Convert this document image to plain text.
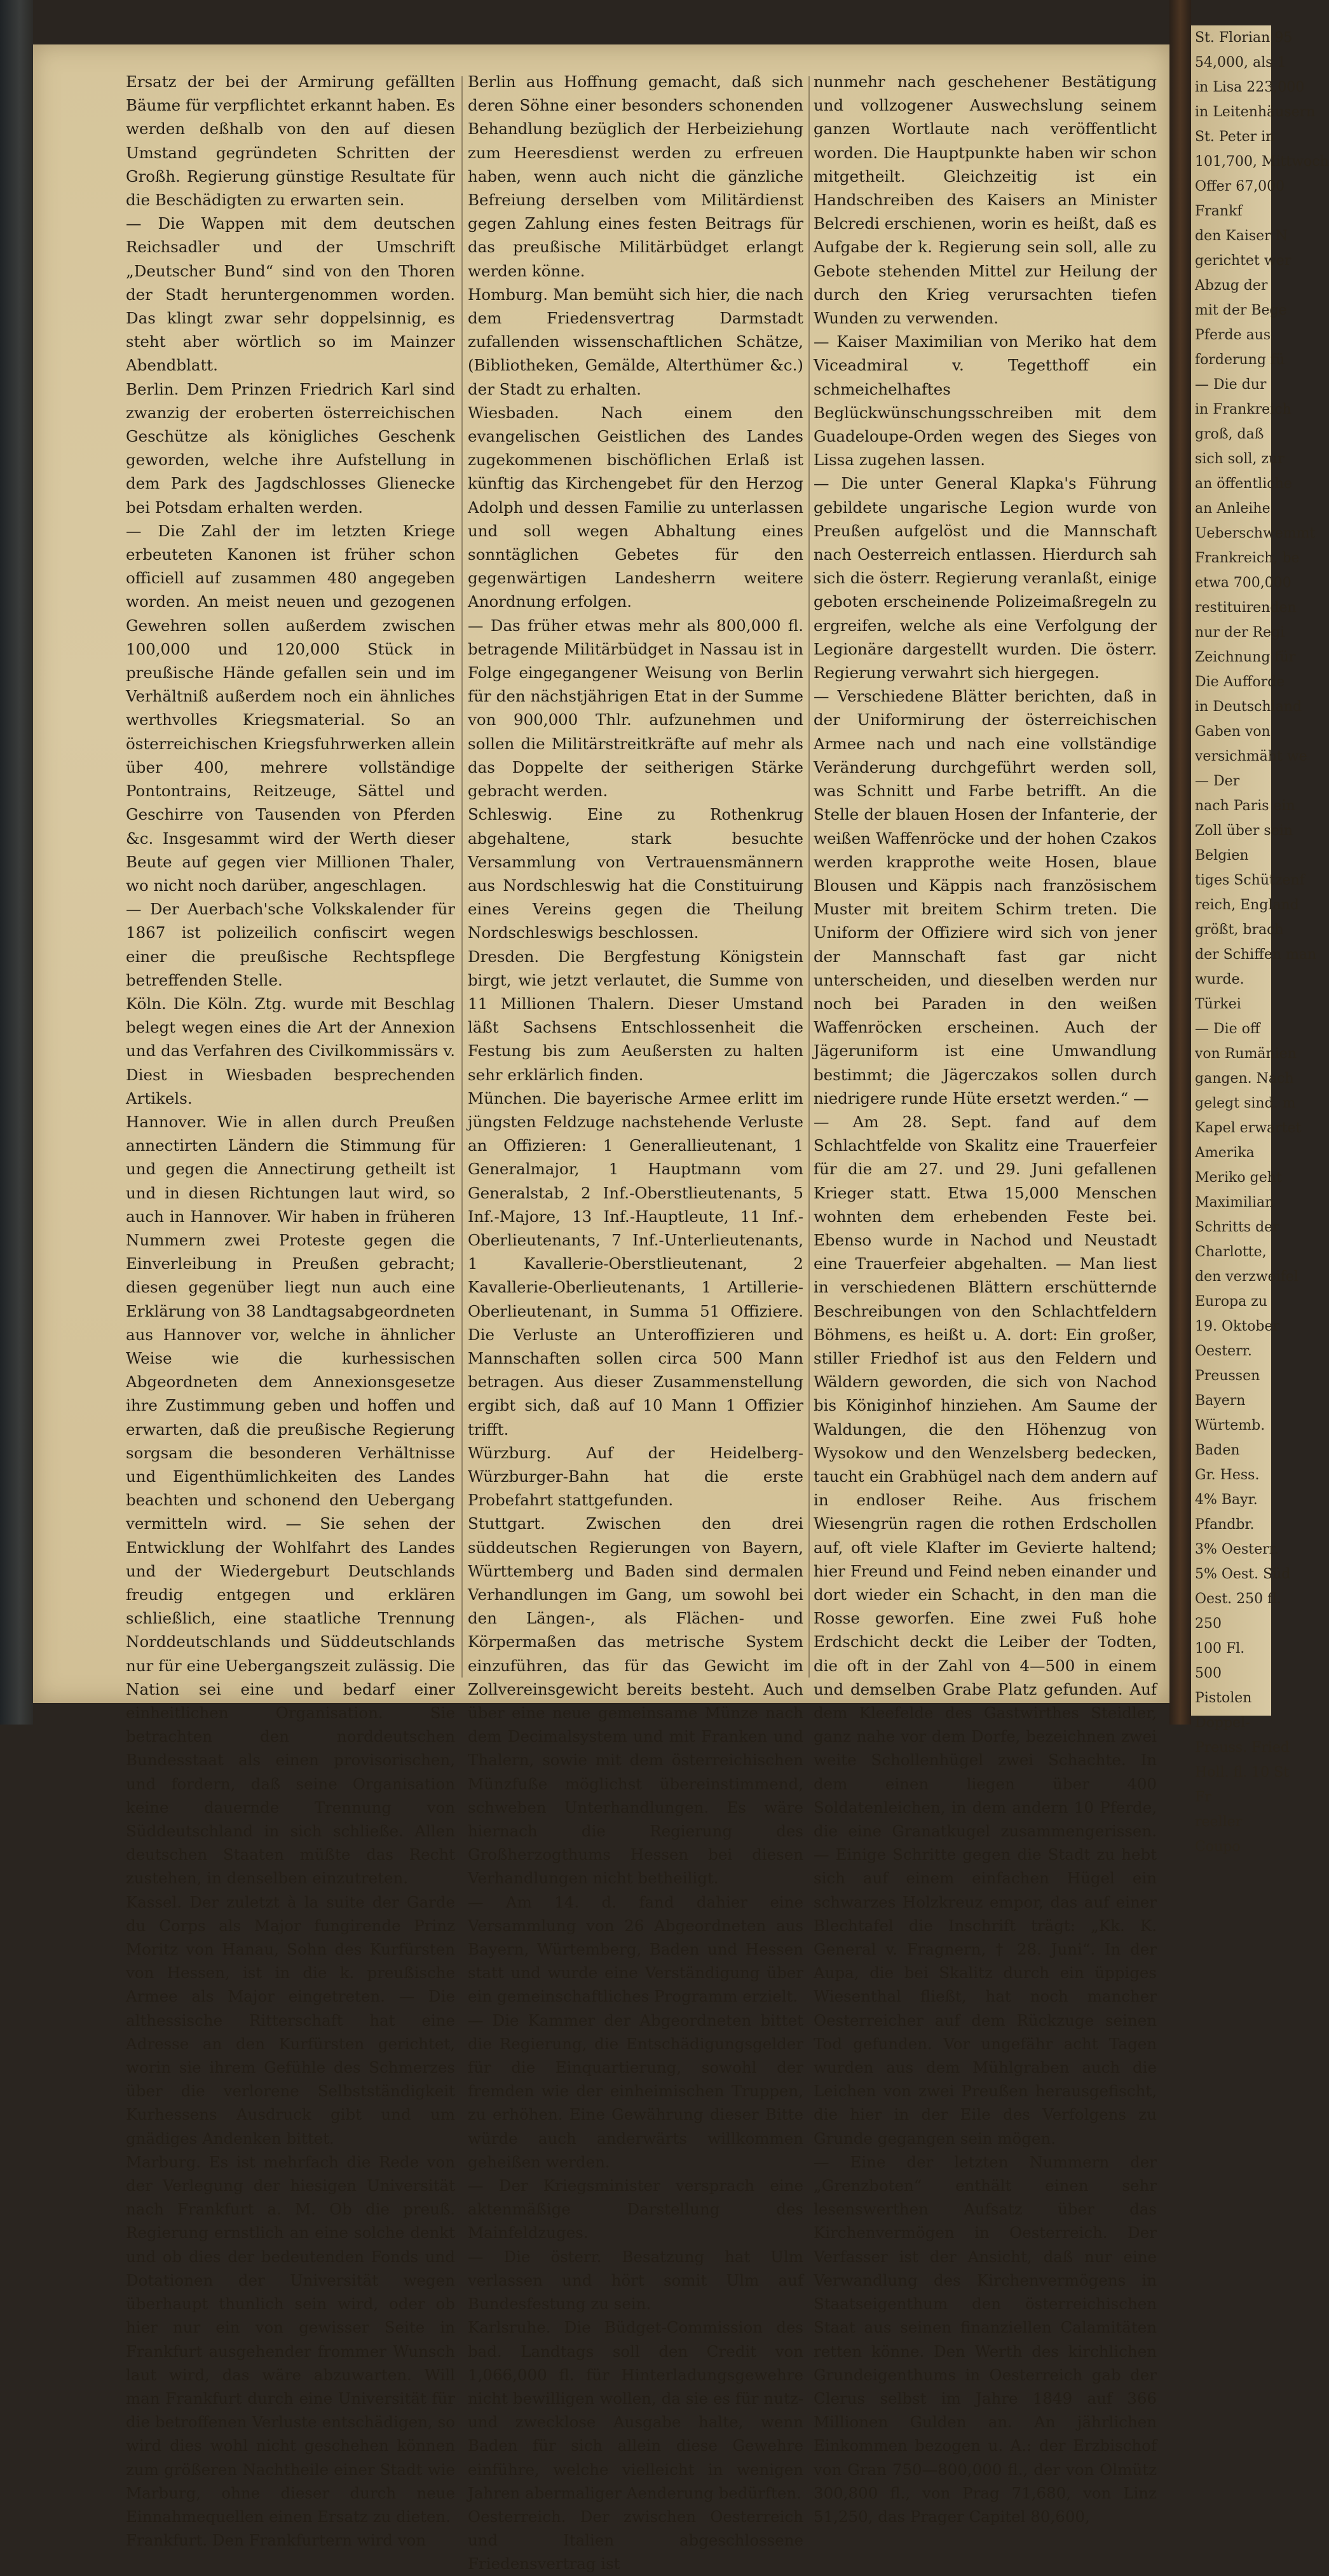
Ersatz der bei der Armirung gefällten Bäume für verpflichtet erkannt haben. Es werden deßhalb von den auf diesen Umstand gegründeten Schritten der Großh. Regierung günstige Resultate für die Beschädigten zu erwarten sein.

— Die Wappen mit dem deutschen Reichsadler und der Umschrift „Deutscher Bund“ sind von den Thoren der Stadt heruntergenommen worden. Das klingt zwar sehr doppelsinnig, es steht aber wörtlich so im Mainzer Abendblatt.

Berlin. Dem Prinzen Friedrich Karl sind zwanzig der eroberten österreichischen Geschütze als königliches Geschenk geworden, welche ihre Aufstellung in dem Park des Jagdschlosses Glienecke bei Potsdam erhalten werden.

— Die Zahl der im letzten Kriege erbeuteten Kanonen ist früher schon officiell auf zusammen 480 angegeben worden. An meist neuen und gezogenen Gewehren sollen außerdem zwischen 100,000 und 120,000 Stück in preußische Hände gefallen sein und im Verhältniß außerdem noch ein ähnliches werthvolles Kriegsmaterial. So an österreichischen Kriegsfuhrwerken allein über 400, mehrere vollständige Pontontrains, Reitzeuge, Sättel und Geschirre von Tausenden von Pferden &c. Insgesammt wird der Werth dieser Beute auf gegen vier Millionen Thaler, wo nicht noch darüber, angeschlagen.

— Der Auerbach'sche Volkskalender für 1867 ist polizeilich confiscirt wegen einer die preußische Rechtspflege betreffenden Stelle.

Köln. Die Köln. Ztg. wurde mit Beschlag belegt wegen eines die Art der Annexion und das Verfahren des Civilkommissärs v. Diest in Wiesbaden besprechenden Artikels.

Hannover. Wie in allen durch Preußen annectirten Ländern die Stimmung für und gegen die Annectirung getheilt ist und in diesen Richtungen laut wird, so auch in Hannover. Wir haben in früheren Nummern zwei Proteste gegen die Einverleibung in Preußen gebracht; diesen gegenüber liegt nun auch eine Erklärung von 38 Landtagsabgeordneten aus Hannover vor, welche in ähnlicher Weise wie die kurhessischen Abgeordneten dem Annexionsgesetze ihre Zustimmung geben und hoffen und erwarten, daß die preußische Regierung sorgsam die besonderen Verhältnisse und Eigenthümlichkeiten des Landes beachten und schonend den Uebergang vermitteln wird. — Sie sehen der Entwicklung der Wohlfahrt des Landes und der Wiedergeburt Deutschlands freudig entgegen und erklären schließlich, eine staatliche Trennung Norddeutschlands und Süddeutschlands nur für eine Uebergangszeit zulässig. Die Nation sei eine und bedarf einer einheitlichen Organisation. Sie betrachten den norddeutschen Bundesstaat als einen provisorischen, und fordern, daß seine Organisation keine dauernde Trennung von Süddeutschland in sich schließe. Allen deutschen Staaten müßte das Recht zustehen, in denselben einzutreten.

Kassel. Der zuletzt à la suite der Garde du Corps als Major fungirende Prinz Moritz von Hanau, Sohn des Kurfürsten von Hessen, ist in die k. preußische Armee als Major eingetreten. — Die althessische Ritterschaft hat eine Adresse an den Kurfürsten gerichtet, worin sie ihrem Gefühle des Schmerzes über die verlorene Selbstständigkeit Kurhessens Ausdruck gibt und um gnädiges Andenken bittet.

Marburg. Es ist mehrfach die Rede von der Verlegung der hiesigen Universität nach Frankfurt a. M. Ob die preuß. Regierung ernstlich an eine solche denkt und ob dies der bedeutenden Fonds und Dotationen der Universität wegen überhaupt thunlich sein wird, oder ob hier nur ein von gewisser Seite in Frankfurt ausgehender frommer Wunsch laut wird, das wäre abzuwarten. Will man Frankfurt durch eine Universität für die betroffenen Verluste entschädigen, so wird dies wohl nicht geschehen können zum größeren Nachtheile einer Stadt wie Marburg, ohne dieser durch neue Einnahmequellen einen Ersatz zu dieten.

Frankfurt. Den Frankfurtern wird von

Berlin aus Hoffnung gemacht, daß sich deren Söhne einer besonders schonenden Behandlung bezüglich der Herbeiziehung zum Heeresdienst werden zu erfreuen haben, wenn auch nicht die gänzliche Befreiung derselben vom Militärdienst gegen Zahlung eines festen Beitrags für das preußische Militärbüdget erlangt werden könne.

Homburg. Man bemüht sich hier, die nach dem Friedensvertrag Darmstadt zufallenden wissenschaftlichen Schätze, (Bibliotheken, Gemälde, Alterthümer &c.) der Stadt zu erhalten.

Wiesbaden. Nach einem den evangelischen Geistlichen des Landes zugekommenen bischöflichen Erlaß ist künftig das Kirchengebet für den Herzog Adolph und dessen Familie zu unterlassen und soll wegen Abhaltung eines sonntäglichen Gebetes für den gegenwärtigen Landesherrn weitere Anordnung erfolgen.

— Das früher etwas mehr als 800,000 fl. betragende Militärbüdget in Nassau ist in Folge eingegangener Weisung von Berlin für den nächstjährigen Etat in der Summe von 900,000 Thlr. aufzunehmen und sollen die Militärstreitkräfte auf mehr als das Doppelte der seitherigen Stärke gebracht werden.

Schleswig. Eine zu Rothenkrug abgehaltene, stark besuchte Versammlung von Vertrauensmännern aus Nordschleswig hat die Constituirung eines Vereins gegen die Theilung Nordschleswigs beschlossen.

Dresden. Die Bergfestung Königstein birgt, wie jetzt verlautet, die Summe von 11 Millionen Thalern. Dieser Umstand läßt Sachsens Entschlossenheit die Festung bis zum Aeußersten zu halten sehr erklärlich finden.

München. Die bayerische Armee erlitt im jüngsten Feldzuge nachstehende Verluste an Offizieren: 1 Generallieutenant, 1 Generalmajor, 1 Hauptmann vom Generalstab, 2 Inf.-Oberstlieutenants, 5 Inf.-Majore, 13 Inf.-Hauptleute, 11 Inf.-Oberlieutenants, 7 Inf.-Unterlieutenants, 1 Kavallerie-Oberstlieutenant, 2 Kavallerie-Oberlieutenants, 1 Artillerie-Oberlieutenant, in Summa 51 Offiziere. Die Verluste an Unteroffizieren und Mannschaften sollen circa 500 Mann betragen. Aus dieser Zusammenstellung ergibt sich, daß auf 10 Mann 1 Offizier trifft.

Würzburg. Auf der Heidelberg-Würzburger-Bahn hat die erste Probefahrt stattgefunden.

Stuttgart. Zwischen den drei süddeutschen Regierungen von Bayern, Württemberg und Baden sind dermalen Verhandlungen im Gang, um sowohl bei den Längen-, als Flächen- und Körpermaßen das metrische System einzuführen, das für das Gewicht im Zollvereinsgewicht bereits besteht. Auch über eine neue gemeinsame Münze nach dem Decimalsystem und mit Franken und Thalern, sowie mit dem österreichischen Münzfuße möglichst übereinstimmend, schweben Unterhandlungen. Es wäre hiernach die Regierung des Großherzogthums Hessen bei diesen Verhandlungen nicht betheiligt.

— Am 14. d. fand dahier eine Versammlung von 26 Abgeordneten aus Bayern, Würtemberg, Baden und Hessen statt und wurde eine Verständigung über ein gemeinschaftliches Programm erzielt.

— Die Kammer der Abgeordneten bittet die Regierung, die Entschädigungsgelder für die Einquartierung, sowohl der fremden wie der einheimischen Truppen, zu erhöhen. Eine Gewährung dieser Bitte würde auch anderwärts willkommen geheißen werden.

— Der Kriegsminister versprach eine aktenmäßige Darstellung des Mainfeldzuges.

— Die österr. Besatzung hat Ulm verlassen und hört somit Ulm auf Bundesfestung zu sein.

Karlsruhe. Die Büdget-Commission des bad. Landtags soll den Credit von 1,066,000 fl. für Hinterladungsgewehre nicht bewilligen wollen, da sie es für nutz- und zwecklose Ausgabe halte, wenn Baden für sich allein diese Gewehre einführe, welche vielleicht in wenigen Jahren abermaliger Aenderung bedürften.

Oesterreich. Der zwischen Oesterreich und Italien abgeschlossene Friedensvertrag ist

nunmehr nach geschehener Bestätigung und vollzogener Auswechslung seinem ganzen Wortlaute nach veröffentlicht worden. Die Hauptpunkte haben wir schon mitgetheilt. Gleichzeitig ist ein Handschreiben des Kaisers an Minister Belcredi erschienen, worin es heißt, daß es Aufgabe der k. Regierung sein soll, alle zu Gebote stehenden Mittel zur Heilung der durch den Krieg verursachten tiefen Wunden zu verwenden.

— Kaiser Maximilian von Meriko hat dem Viceadmiral v. Tegetthoff ein schmeichelhaftes Beglückwünschungsschreiben mit dem Guadeloupe-Orden wegen des Sieges von Lissa zugehen lassen.

— Die unter General Klapka's Führung gebildete ungarische Legion wurde von Preußen aufgelöst und die Mannschaft nach Oesterreich entlassen. Hierdurch sah sich die österr. Regierung veranlaßt, einige geboten erscheinende Polizeimaßregeln zu ergreifen, welche als eine Verfolgung der Legionäre dargestellt wurden. Die österr. Regierung verwahrt sich hiergegen.

— Verschiedene Blätter berichten, daß in der Uniformirung der österreichischen Armee nach und nach eine vollständige Veränderung durchgeführt werden soll, was Schnitt und Farbe betrifft. An die Stelle der blauen Hosen der Infanterie, der weißen Waffenröcke und der hohen Czakos werden krapprothe weite Hosen, blaue Blousen und Käppis nach französischem Muster mit breitem Schirm treten. Die Uniform der Offiziere wird sich von jener der Mannschaft fast gar nicht unterscheiden, und dieselben werden nur noch bei Paraden in den weißen Waffenröcken erscheinen. Auch der Jägeruniform ist eine Umwandlung bestimmt; die Jägerczakos sollen durch niedrigere runde Hüte ersetzt werden.“ —

— Am 28. Sept. fand auf dem Schlachtfelde von Skalitz eine Trauerfeier für die am 27. und 29. Juni gefallenen Krieger statt. Etwa 15,000 Menschen wohnten dem erhebenden Feste bei. Ebenso wurde in Nachod und Neustadt eine Trauerfeier abgehalten. — Man liest in verschiedenen Blättern erschütternde Beschreibungen von den Schlachtfeldern Böhmens, es heißt u. A. dort: Ein großer, stiller Friedhof ist aus den Feldern und Wäldern geworden, die sich von Nachod bis Königinhof hinziehen. Am Saume der Waldungen, die den Höhenzug von Wysokow und den Wenzelsberg bedecken, taucht ein Grabhügel nach dem andern auf in endloser Reihe. Aus frischem Wiesengrün ragen die rothen Erdschollen auf, oft viele Klafter im Gevierte haltend; hier Freund und Feind neben einander und dort wieder ein Schacht, in den man die Rosse geworfen. Eine zwei Fuß hohe Erdschicht deckt die Leiber der Todten, die oft in der Zahl von 4—500 in einem und demselben Grabe Platz gefunden. Auf dem Kleefelde des Gastwirthes Steidler, ganz nahe vor dem Dorfe, bezeichnen zwei weite Schollenhügel zwei Schachte. In dem einen liegen über 400 Soldatenleichen, in dem andern 10 Pferde, die eine Granatkugel zusammengerissen. — Einige Schritte gegen die Stadt zu hebt sich auf einem einfachen Hügel ein schwarzes Holzkreuz empor, das auf einer Blechtafel die Inschrift trägt: „Kk. K. General v. Fragnern, † 28. Juni“. In der Aupa, die bei Skalitz durch ein üppiges Wiesenthal fließt, hat noch mancher Oesterreicher auf dem Rückzuge seinen Tod gefunden. Vor ungefähr acht Tagen wurden aus dem Mühlgraben auch die Leichen von zwei Preußen herausgefischt, die hier in der Eile des Verfolgens zu Grunde gegangen sein mögen.

— Eine der letzten Nummern der „Grenzboten“ enthält einen sehr lesenswerthen Aufsatz über das Kirchenvermögen in Oesterreich. Der Verfasser ist der Ansicht, daß nur eine Verwandlung des Kirchenvermögens in Staatseigenthum den österreichischen Staat aus seinen finanziellen Calamitäten retten könne. Den Werth des kirchlichen Grundeigenthums in Oesterreich gab der Clerus selbst im Jahre 1849 auf 366 Millionen Gulden an. An jährlichen Einkommen bezogen u. A.: der Erzbischof von Gran 750—800,000 fl., der von Olmütz 300,800 fl., von Prag 71,680, von Linz 51,250, das Prager Capitel 80,600,

St. Florian 95
54,000, als 1
in Lisa 223,000
in Leitenhäusern
St. Peter in
101,700, Mittwoch
Offer 67,000
Frankf
den Kaiser N
gerichtet wer
Abzug der
mit der Bege
Pferde aus
forderung fü
— Die dur
in Frankreich
groß, daß
sich soll, zur
an öffentliche
an Anleihe
Ueberschwemmt
Frankreich, be
etwa 700,000
restituirenden
nur der Regi
Zeichnung für
Die Aufforde
in Deutschland
Gaben von
versichmäht we
— Der
nach Paris ein
Zoll über sein
Belgien
tiges Schützenf
reich, England
größt, brach
der Schiffen man
wurde.
Türkei
— Die off
von Rumänien
gangen. Nach
gelegt sind. m
Kapel erwartet
Amerika
Meriko geht
Maximilian
Schritts der
Charlotte,
den verzweifel
Europa zu
19. Oktober
Oesterr.
Preussen
Bayern
Würtemb.
Baden
Gr. Hess.
4% Bayr.
Pfandbr.
3% Oesterr.
5% Oest. Süd
Oest. 250 fl.
250
100 Fl.
500
Pistolen
Doppel-
Preuss. Fried
Holl. fl. 10 St
Fr
reeller
Coupo
